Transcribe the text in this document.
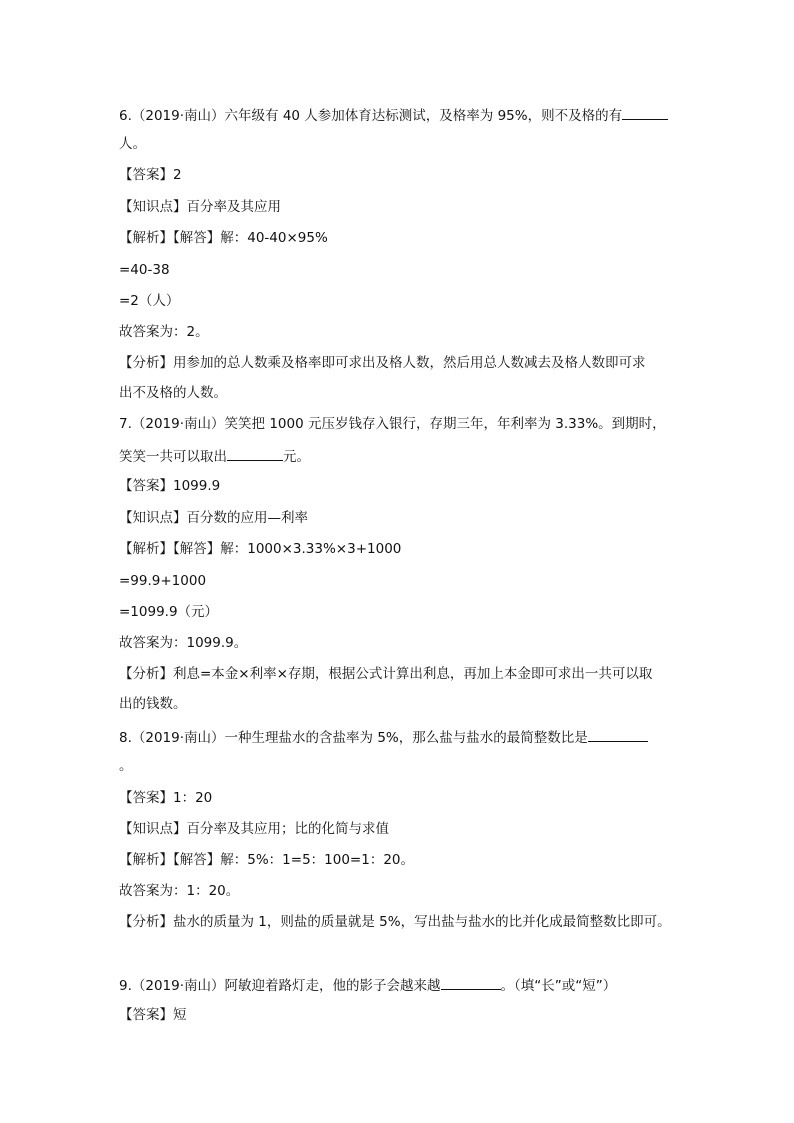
6.（2019·南山）六年级有 40 人参加体育达标测试，及格率为 95%，则不及格的有
人。
【答案】2
【知识点】百分率及其应用
【解析】【解答】解：40-40×95%
=40-38
=2（人）
故答案为：2。
【分析】用参加的总人数乘及格率即可求出及格人数，然后用总人数减去及格人数即可求
出不及格的人数。
7.（2019·南山）笑笑把 1000 元压岁钱存入银行，存期三年，年利率为 3.33%。到期时，
笑笑一共可以取出	元。
【答案】1099.9
【知识点】百分数的应用—利率
【解析】【解答】解：1000×3.33%×3+1000
=99.9+1000
=1099.9（元）
故答案为：1099.9。
【分析】利息=本金×利率×存期，根据公式计算出利息，再加上本金即可求出一共可以取
出的钱数。
8.（2019·南山）一种生理盐水的含盐率为 5%，那么盐与盐水的最简整数比是
。
【答案】1：20
【知识点】百分率及其应用；比的化简与求值
【解析】【解答】解：5%：1=5：100=1：20。
故答案为：1：20。
【分析】盐水的质量为 1，则盐的质量就是 5%，写出盐与盐水的比并化成最简整数比即可。
9.（2019·南山）阿敏迎着路灯走，他的影子会越来越	。（填“长”或“短”）
【答案】短
